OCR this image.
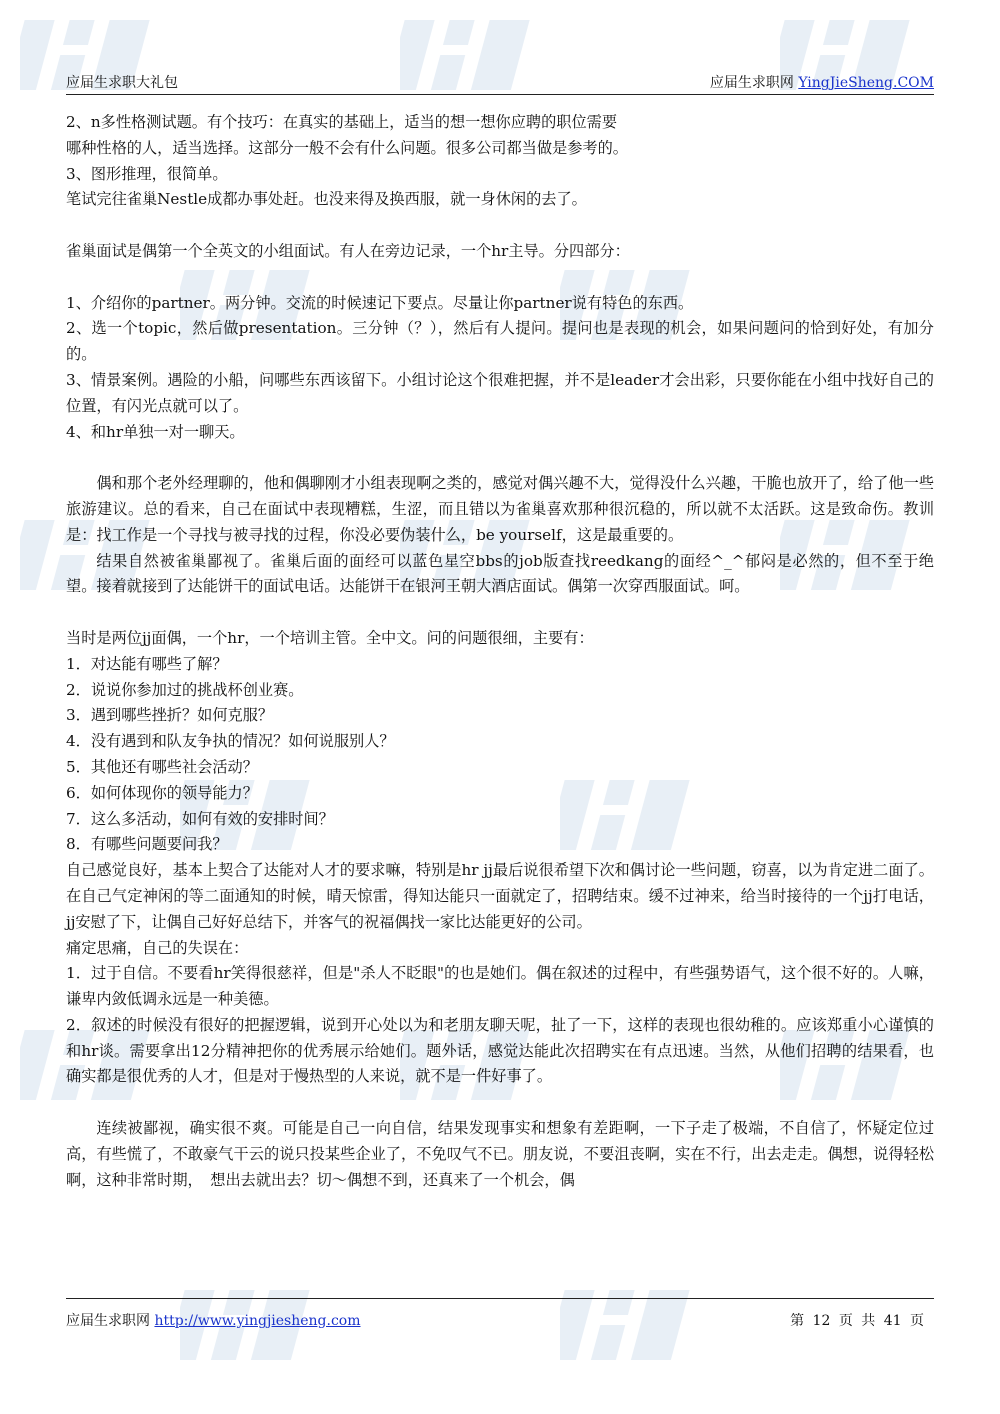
应届生求职大礼包	应届生求职网 YingJieSheng.COM

2、n多性格测试题。有个技巧：在真实的基础上，适当的想一想你应聘的职位需要

哪种性格的人，适当选择。这部分一般不会有什么问题。很多公司都当做是参考的。

3、图形推理，很简单。

笔试完往雀巢Nestle成都办事处赶。也没来得及换西服，就一身休闲的去了。

雀巢面试是偶第一个全英文的小组面试。有人在旁边记录，一个hr主导。分四部分：

1、介绍你的partner。两分钟。交流的时候速记下要点。尽量让你partner说有特色的东西。

2、选一个topic，然后做presentation。三分钟（？），然后有人提问。提问也是表现的机会，如果问题问的恰到好处，有加分的。

3、情景案例。遇险的小船，问哪些东西该留下。小组讨论这个很难把握，并不是leader才会出彩，只要你能在小组中找好自己的位置，有闪光点就可以了。

4、和hr单独一对一聊天。

偶和那个老外经理聊的，他和偶聊刚才小组表现啊之类的，感觉对偶兴趣不大，觉得没什么兴趣，干脆也放开了，给了他一些旅游建议。总的看来，自己在面试中表现糟糕，生涩，而且错以为雀巢喜欢那种很沉稳的，所以就不太活跃。这是致命伤。教训是：找工作是一个寻找与被寻找的过程，你没必要伪装什么，be yourself，这是最重要的。

结果自然被雀巢鄙视了。雀巢后面的面经可以蓝色星空bbs的job版查找reedkang的面经^_^郁闷是必然的，但不至于绝望。接着就接到了达能饼干的面试电话。达能饼干在银河王朝大酒店面试。偶第一次穿西服面试。呵。

当时是两位jj面偶，一个hr，一个培训主管。全中文。问的问题很细，主要有：

1．对达能有哪些了解？

2．说说你参加过的挑战杯创业赛。

3．遇到哪些挫折？如何克服？

4．没有遇到和队友争执的情况？如何说服别人？

5．其他还有哪些社会活动？

6．如何体现你的领导能力？

7．这么多活动，如何有效的安排时间？

8．有哪些问题要问我？

自己感觉良好，基本上契合了达能对人才的要求嘛，特别是hr jj最后说很希望下次和偶讨论一些问题，窃喜，以为肯定进二面了。在自己气定神闲的等二面通知的时候，晴天惊雷，得知达能只一面就定了，招聘结束。缓不过神来，给当时接待的一个jj打电话，jj安慰了下，让偶自己好好总结下，并客气的祝福偶找一家比达能更好的公司。

痛定思痛，自己的失误在：

1．过于自信。不要看hr笑得很慈祥，但是"杀人不眨眼"的也是她们。偶在叙述的过程中，有些强势语气，这个很不好的。人嘛，谦卑内敛低调永远是一种美德。

2．叙述的时候没有很好的把握逻辑，说到开心处以为和老朋友聊天呢，扯了一下，这样的表现也很幼稚的。应该郑重小心谨慎的和hr谈。需要拿出12分精神把你的优秀展示给她们。题外话，感觉达能此次招聘实在有点迅速。当然，从他们招聘的结果看，也确实都是很优秀的人才，但是对于慢热型的人来说，就不是一件好事了。

连续被鄙视，确实很不爽。可能是自己一向自信，结果发现事实和想象有差距啊，一下子走了极端，不自信了，怀疑定位过高，有些慌了，不敢豪气干云的说只投某些企业了，不免叹气不已。朋友说，不要沮丧啊，实在不行，出去走走。偶想，说得轻松啊，这种非常时期，　想出去就出去？切～偶想不到，还真来了一个机会，偶

应届生求职网 http://www.yingjiesheng.com	第 12 页 共 41 页
